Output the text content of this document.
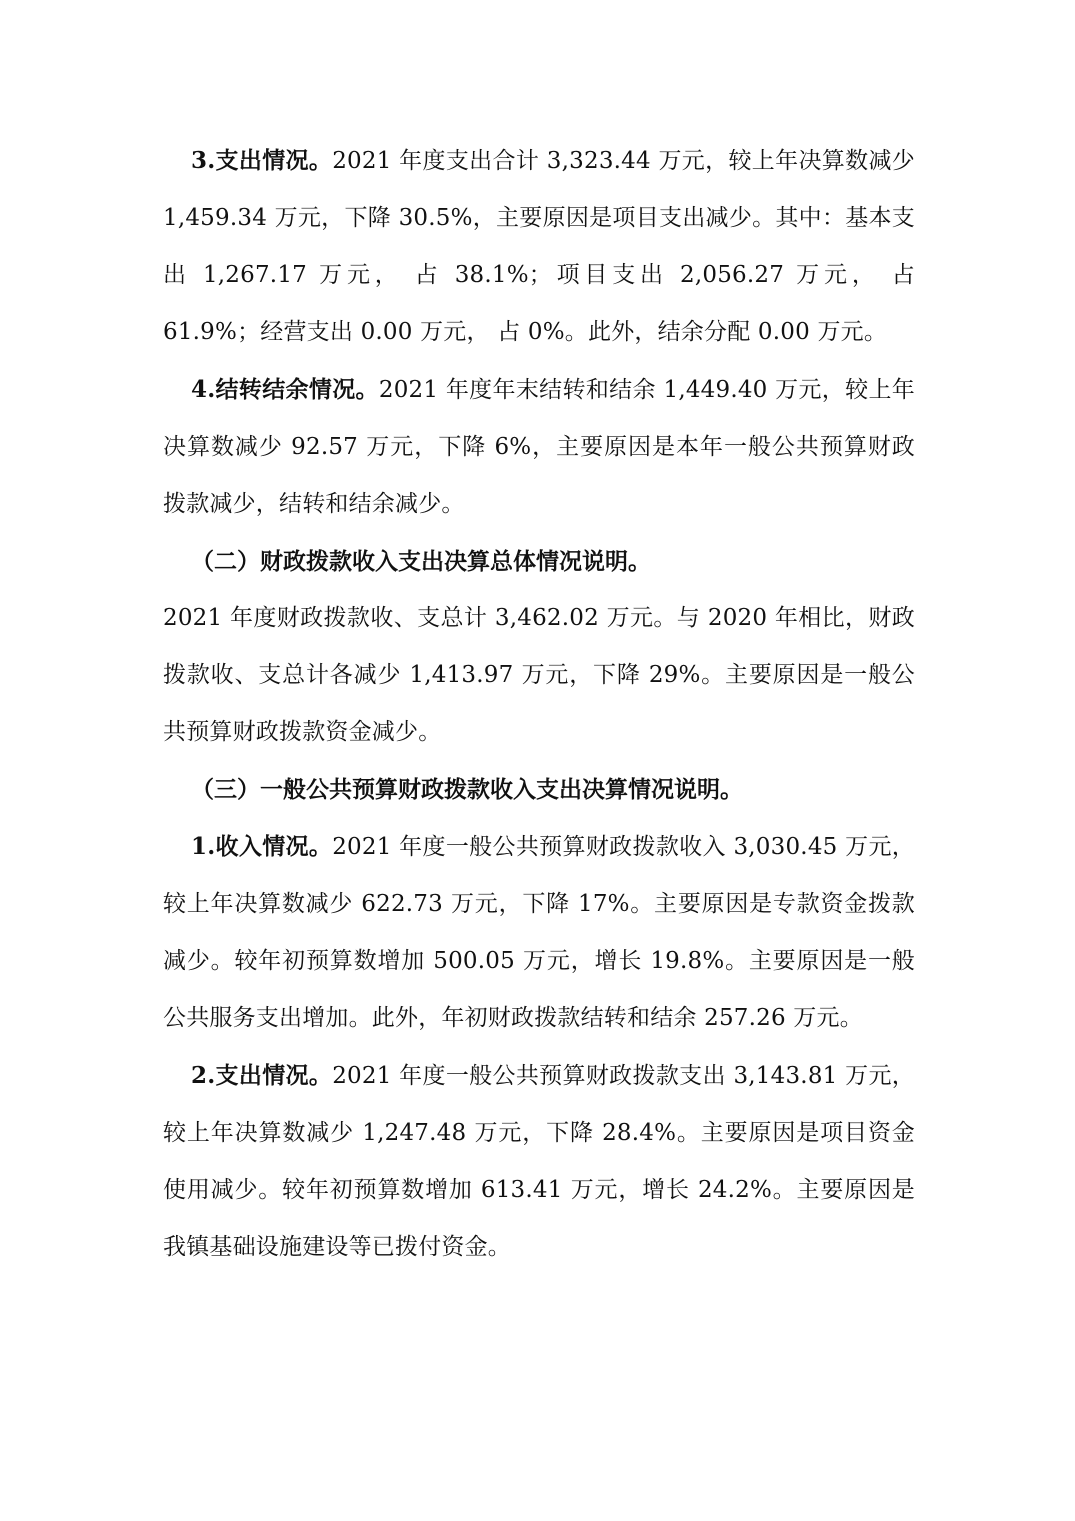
3.支出情况。2021 年度支出合计 3,323.44 万元，较上年决算数减少 1,459.34 万元，下降 30.5%，主要原因是项目支出减少。其中：基本支出 1,267.17 万元， 占 38.1%；项目支出 2,056.27 万元， 占 61.9%；经营支出 0.00 万元， 占 0%。此外，结余分配 0.00 万元。

4.结转结余情况。2021 年度年末结转和结余 1,449.40 万元，较上年决算数减少 92.57 万元，下降 6%，主要原因是本年一般公共预算财政拨款减少，结转和结余减少。

（二）财政拨款收入支出决算总体情况说明。

2021 年度财政拨款收、支总计 3,462.02 万元。与 2020 年相比，财政拨款收、支总计各减少 1,413.97 万元，下降 29%。主要原因是一般公共预算财政拨款资金减少。

（三）一般公共预算财政拨款收入支出决算情况说明。

1.收入情况。2021 年度一般公共预算财政拨款收入 3,030.45 万元，较上年决算数减少 622.73 万元，下降 17%。主要原因是专款资金拨款减少。较年初预算数增加 500.05 万元，增长 19.8%。主要原因是一般公共服务支出增加。此外，年初财政拨款结转和结余 257.26 万元。

2.支出情况。2021 年度一般公共预算财政拨款支出 3,143.81 万元，较上年决算数减少 1,247.48 万元，下降 28.4%。主要原因是项目资金使用减少。较年初预算数增加 613.41 万元，增长 24.2%。主要原因是我镇基础设施建设等已拨付资金。
